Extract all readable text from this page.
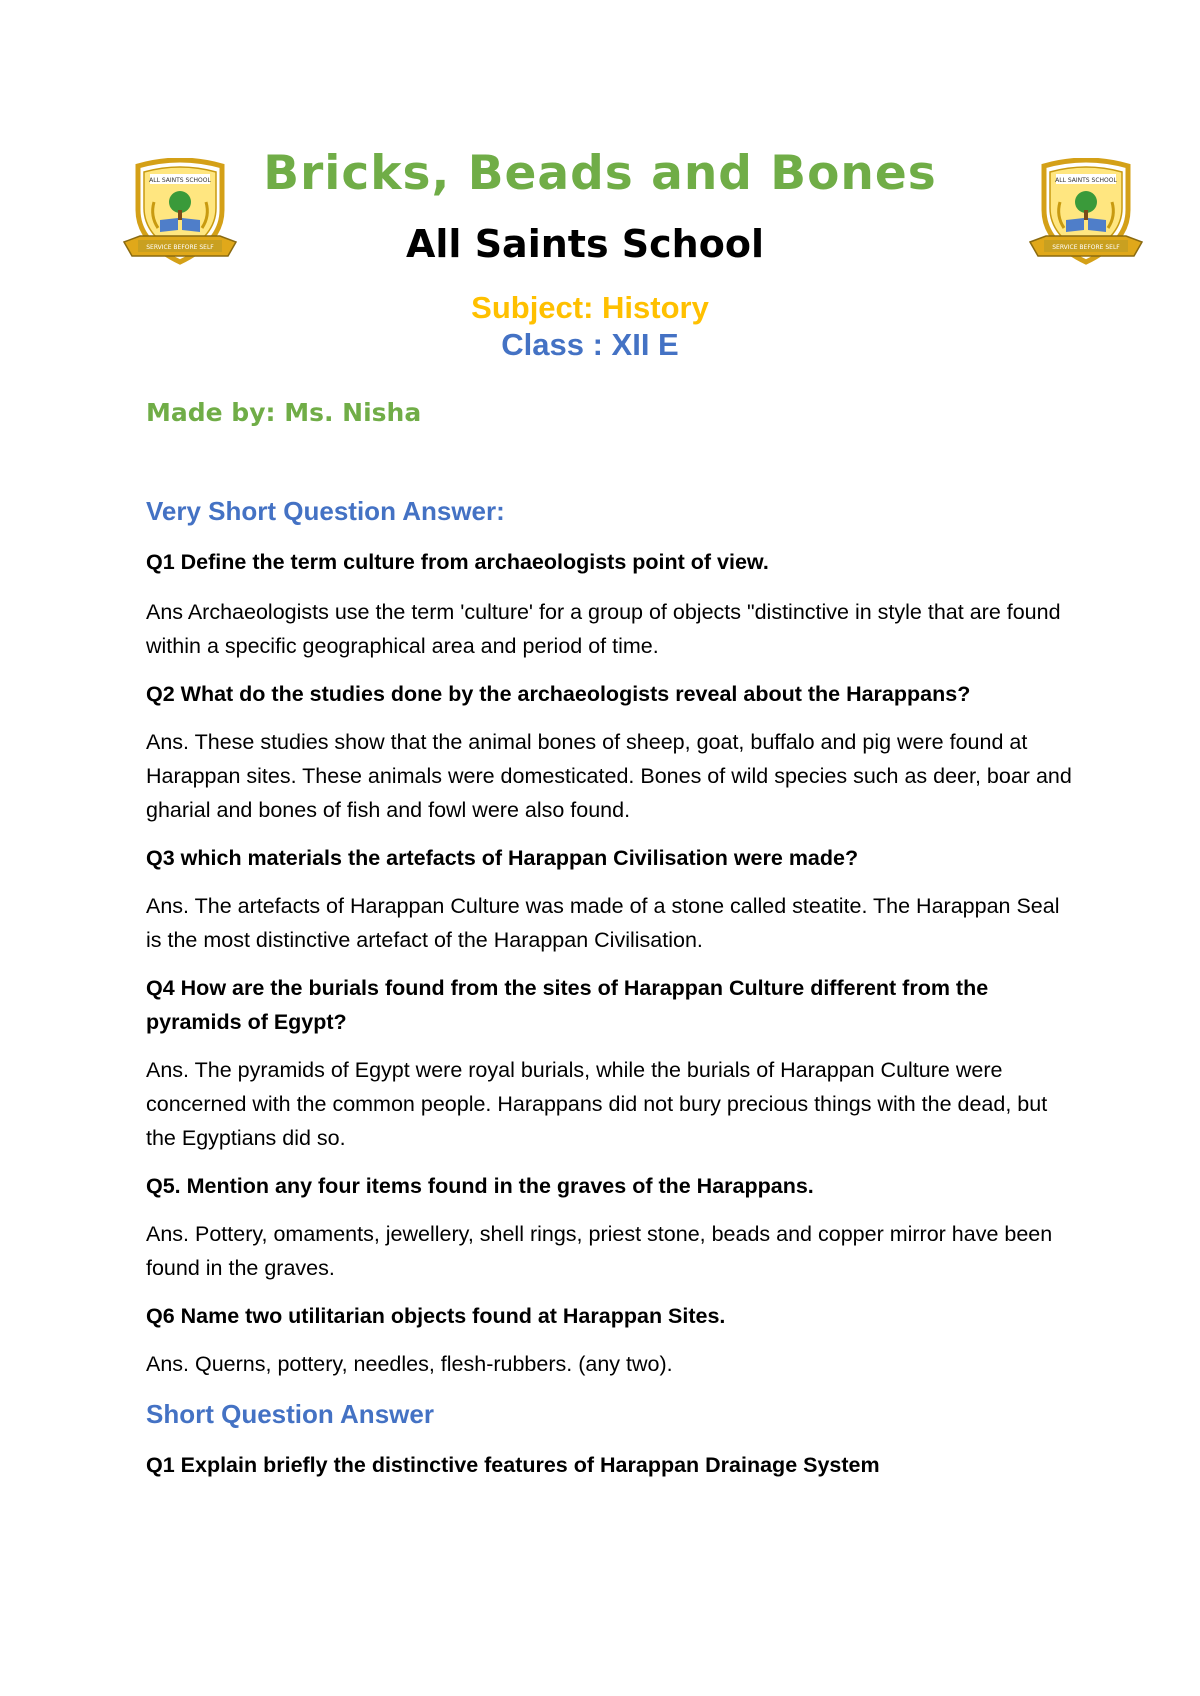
ALL SAINTS SCHOOL
SERVICE BEFORE SELF
ALL SAINTS SCHOOL
SERVICE BEFORE SELF
Bricks, Beads and Bones
All Saints School
Subject: History
Class : XII E
Made by: Ms. Nisha
Very Short Question Answer:

Q1 Define the term culture from archaeologists point of view.

Ans Archaeologists use the term 'culture' for a group of objects "distinctive in style that are found within a specific geographical area and period of time.

Q2 What do the studies done by the archaeologists reveal about the Harappans?

Ans. These studies show that the animal bones of sheep, goat, buffalo and pig were found at Harappan sites. These animals were domesticated. Bones of wild species such as deer, boar and gharial and bones of fish and fowl were also found.

Q3 which materials the artefacts of Harappan Civilisation were made?

Ans. The artefacts of Harappan Culture was made of a stone called steatite. The Harappan Seal is the most distinctive artefact of the Harappan Civilisation.

Q4 How are the burials found from the sites of Harappan Culture different from the pyramids of Egypt?

Ans. The pyramids of Egypt were royal burials, while the burials of Harappan Culture were concerned with the common people. Harappans did not bury precious things with the dead, but the Egyptians did so.

Q5. Mention any four items found in the graves of the Harappans.

Ans. Pottery, omaments, jewellery, shell rings, priest stone, beads and copper mirror have been found in the graves.

Q6 Name two utilitarian objects found at Harappan Sites.

Ans. Querns, pottery, needles, flesh-rubbers. (any two).

Short Question Answer

Q1 Explain briefly the distinctive features of Harappan Drainage System
